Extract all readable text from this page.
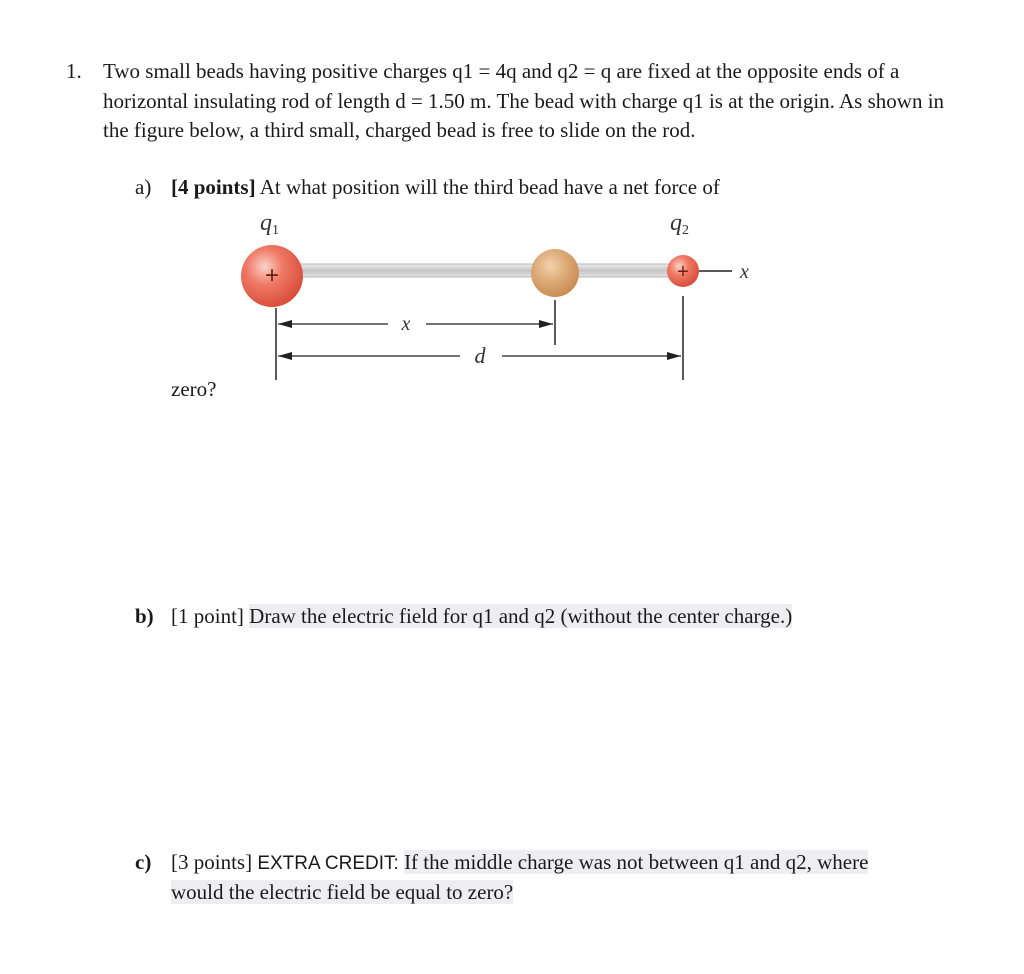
1. Two small beads having positive charges q1 = 4q and q2 = q are fixed at the opposite ends of a horizontal insulating rod of length d = 1.50 m. The bead with charge q1 is at the origin. As shown in the figure below, a third small, charged bead is free to slide on the rod.
a) [4 points] At what position will the third bead have a net force of
q1	q2
+	+	x
x
d
zero?
b) [1 point] Draw the electric field for q1 and q2 (without the center charge.)
c) [3 points] EXTRA CREDIT: If the middle charge was not between q1 and q2, where
would the electric field be equal to zero?
